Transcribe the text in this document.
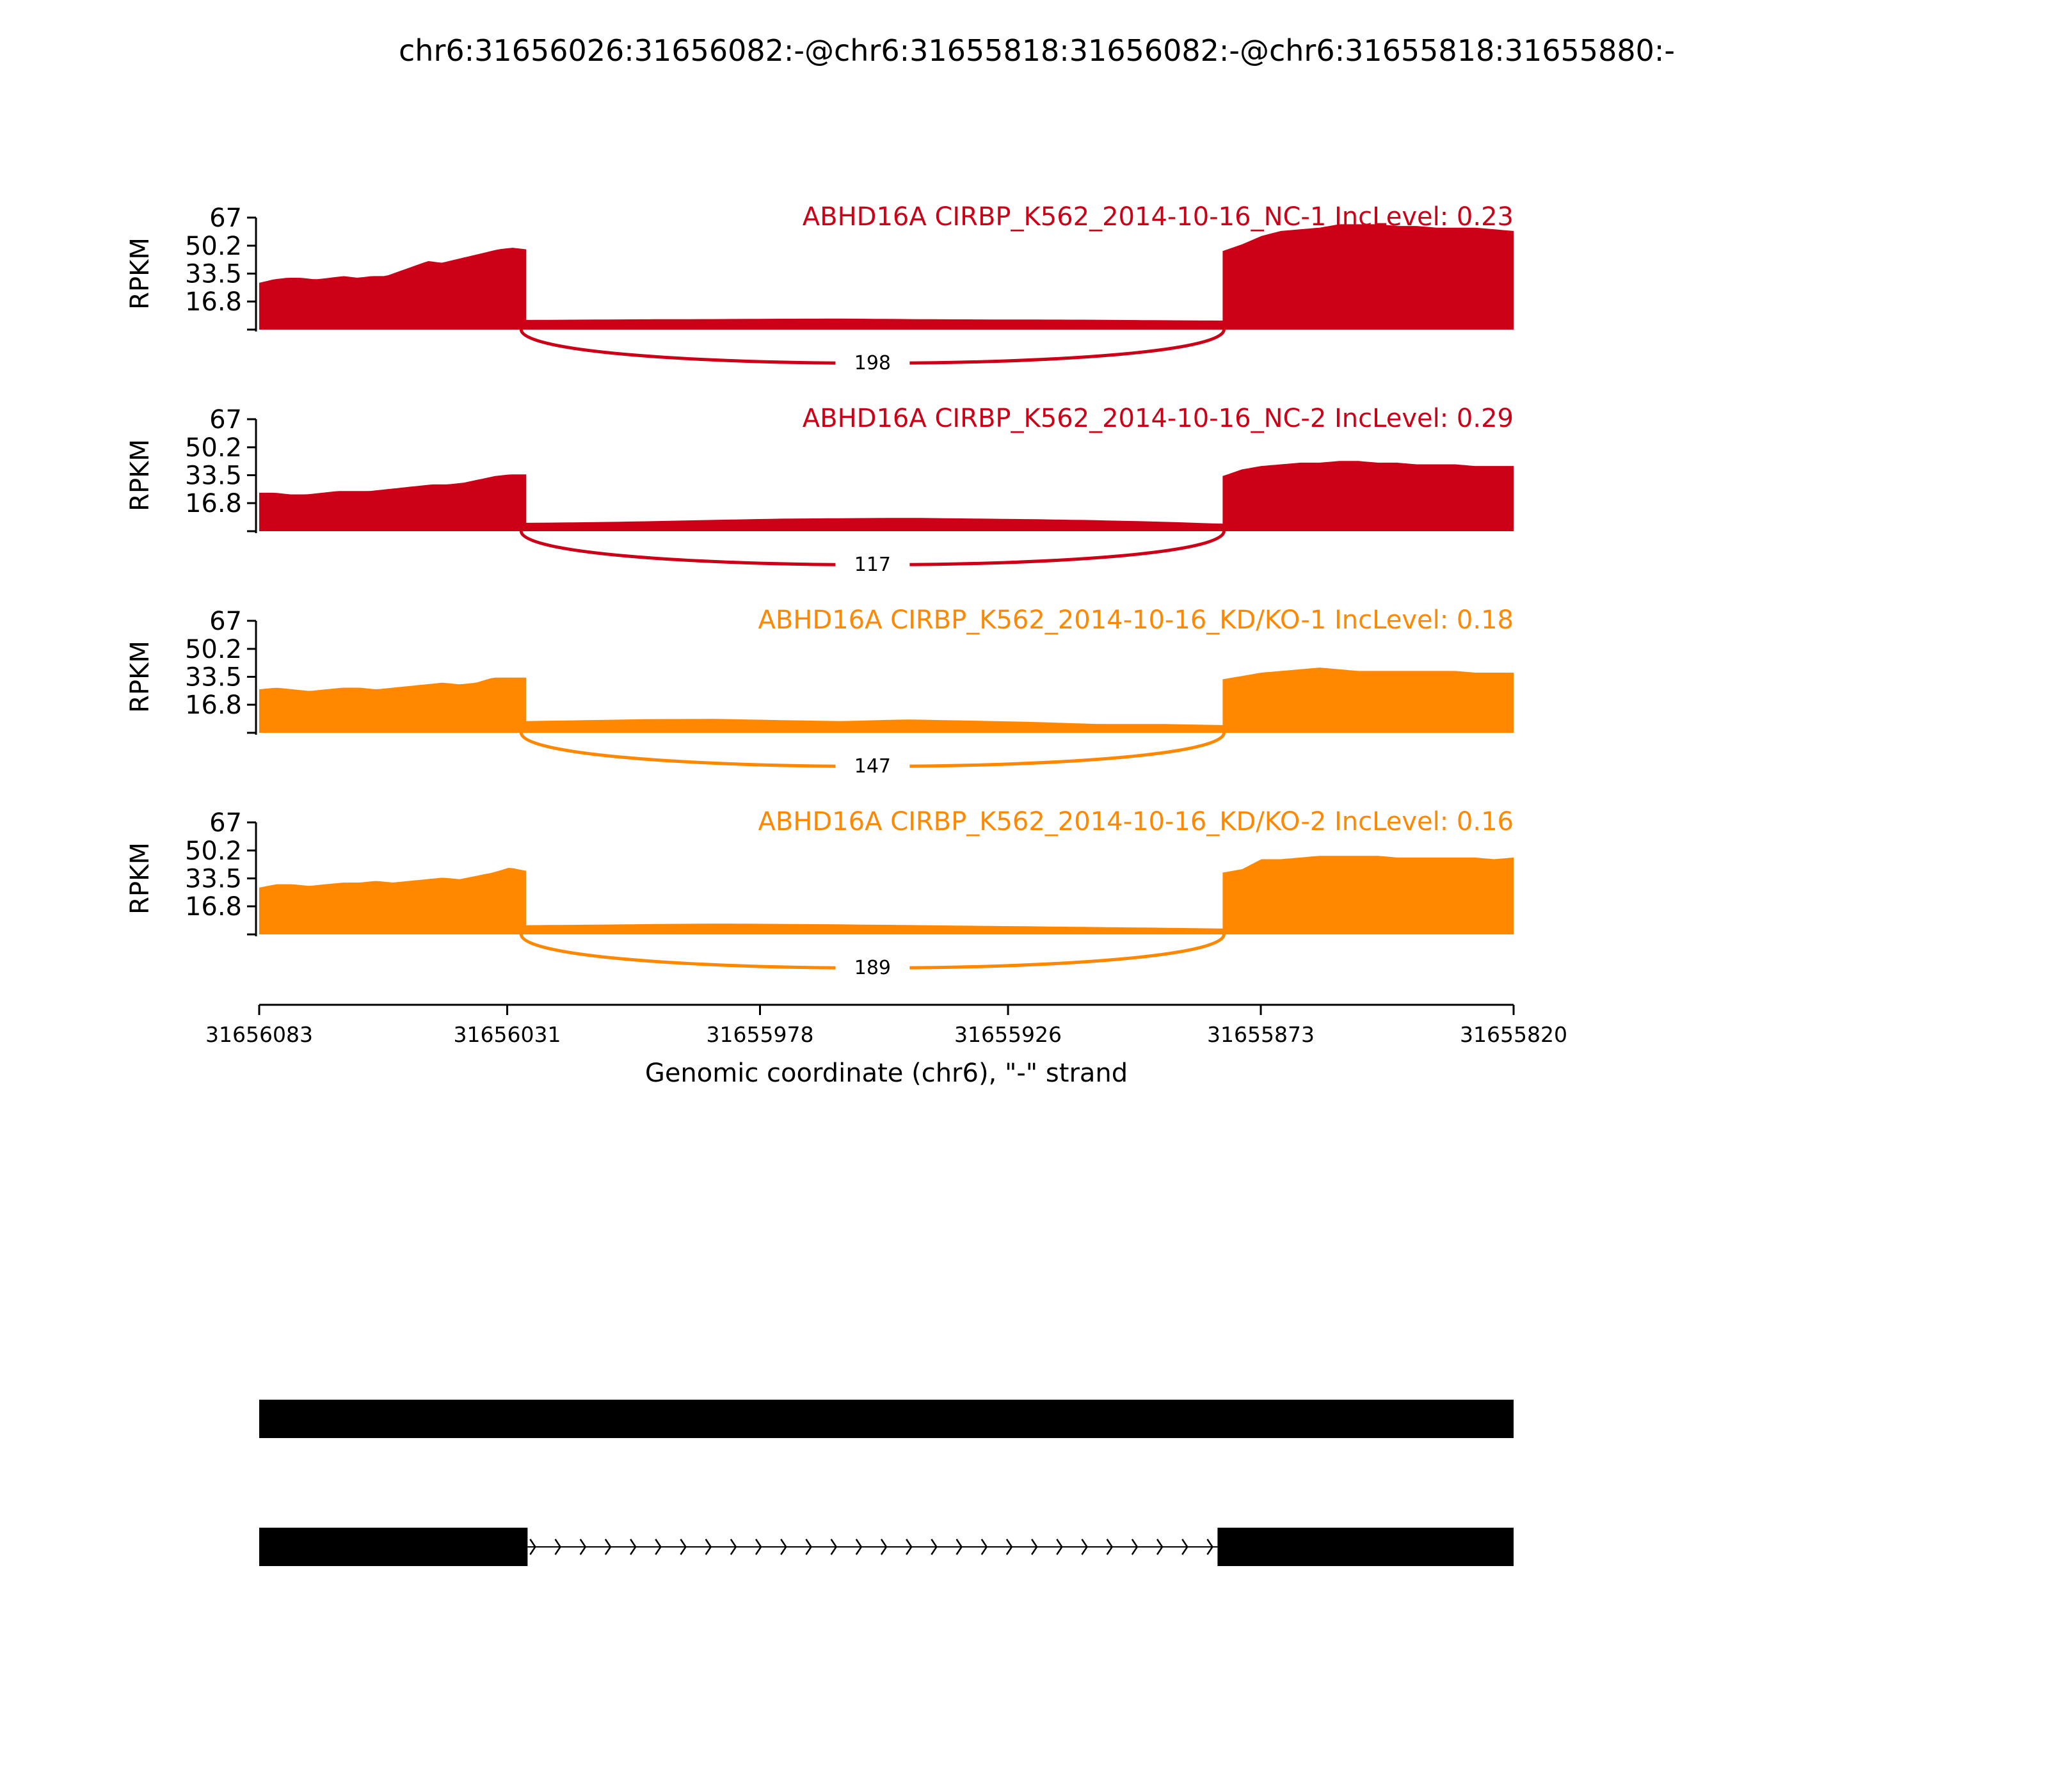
chr6:31656026:31656082:-@chr6:31655818:31656082:-@chr6:31655818:31655880:-
67
50.2
33.5
16.8
RPKM
ABHD16A CIRBP_K562_2014-10-16_NC-1 IncLevel: 0.23
198
67
50.2
33.5
16.8
RPKM
ABHD16A CIRBP_K562_2014-10-16_NC-2 IncLevel: 0.29
117
67
50.2
33.5
16.8
RPKM
ABHD16A CIRBP_K562_2014-10-16_KD/KO-1 IncLevel: 0.18
147
67
50.2
33.5
16.8
RPKM
ABHD16A CIRBP_K562_2014-10-16_KD/KO-2 IncLevel: 0.16
189
31656083	31656031	31655978	31655926	31655873	31655820
Genomic coordinate (chr6), "-" strand
